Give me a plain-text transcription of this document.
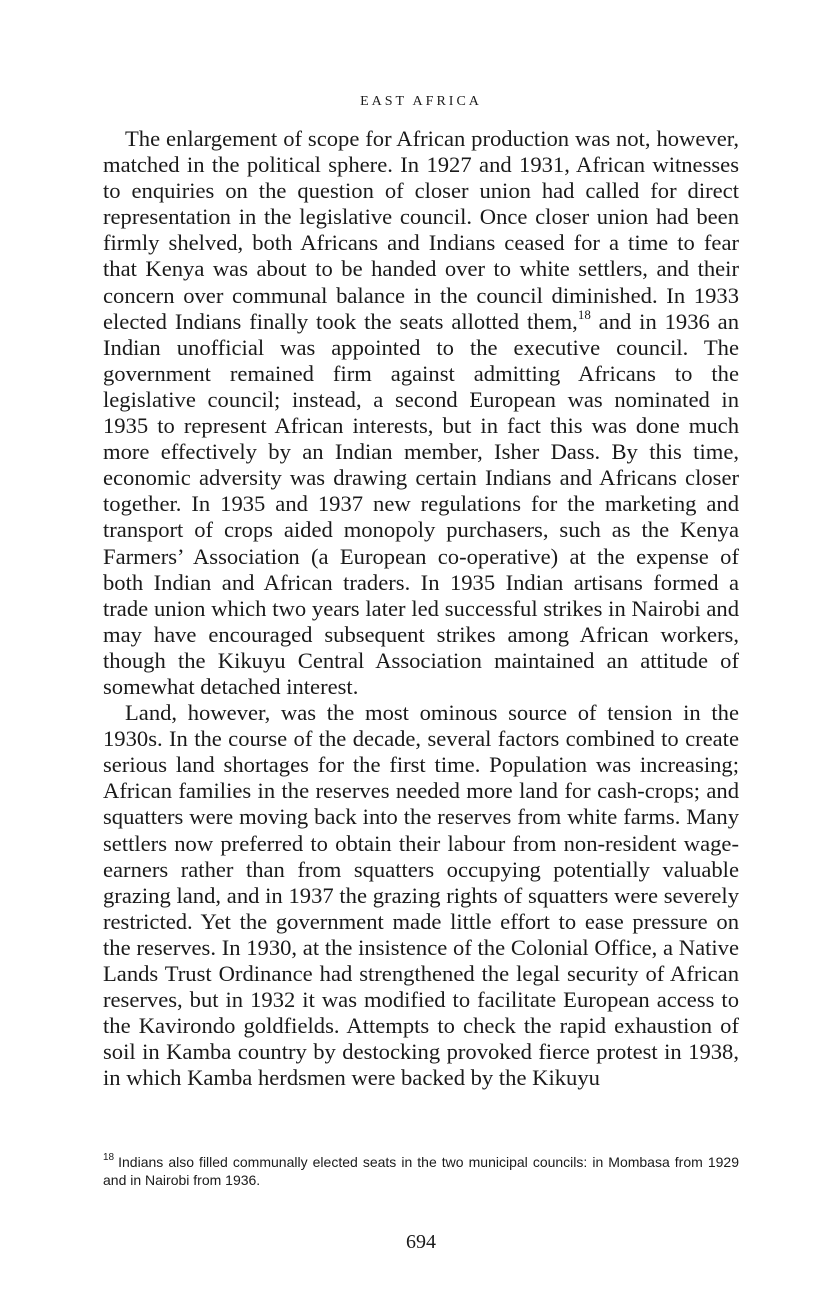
EAST AFRICA

The enlargement of scope for African production was not, however, matched in the political sphere. In 1927 and 1931, African witnesses to enquiries on the question of closer union had called for direct representation in the legislative council. Once closer union had been firmly shelved, both Africans and Indians ceased for a time to fear that Kenya was about to be handed over to white settlers, and their concern over communal balance in the council diminished. In 1933 elected Indians finally took the seats allotted them,$^{18}$ and in 1936 an Indian unofficial was appointed to the executive council. The government remained firm against admitting Africans to the legislative council; instead, a second European was nominated in 1935 to represent African interests, but in fact this was done much more effectively by an Indian member, Isher Dass. By this time, economic adversity was drawing certain Indians and Africans closer together. In 1935 and 1937 new regulations for the marketing and transport of crops aided monopoly purchasers, such as the Kenya Farmers’ Association (a European co-operative) at the expense of both Indian and African traders. In 1935 Indian artisans formed a trade union which two years later led successful strikes in Nairobi and may have encouraged subsequent strikes among African workers, though the Kikuyu Central Association maintained an attitude of somewhat detached interest.

Land, however, was the most ominous source of tension in the 1930s. In the course of the decade, several factors combined to create serious land shortages for the first time. Population was increasing; African families in the reserves needed more land for cash-crops; and squatters were moving back into the reserves from white farms. Many settlers now preferred to obtain their labour from non-resident wage-earners rather than from squatters occupying potentially valuable grazing land, and in 1937 the grazing rights of squatters were severely restricted. Yet the government made little effort to ease pressure on the reserves. In 1930, at the insistence of the Colonial Office, a Native Lands Trust Ordinance had strengthened the legal security of African reserves, but in 1932 it was modified to facilitate European access to the Kavirondo goldfields. Attempts to check the rapid exhaustion of soil in Kamba country by destocking provoked fierce protest in 1938, in which Kamba herdsmen were backed by the Kikuyu

$^{18}$ Indians also filled communally elected seats in the two municipal councils: in Mombasa from 1929 and in Nairobi from 1936.
694
